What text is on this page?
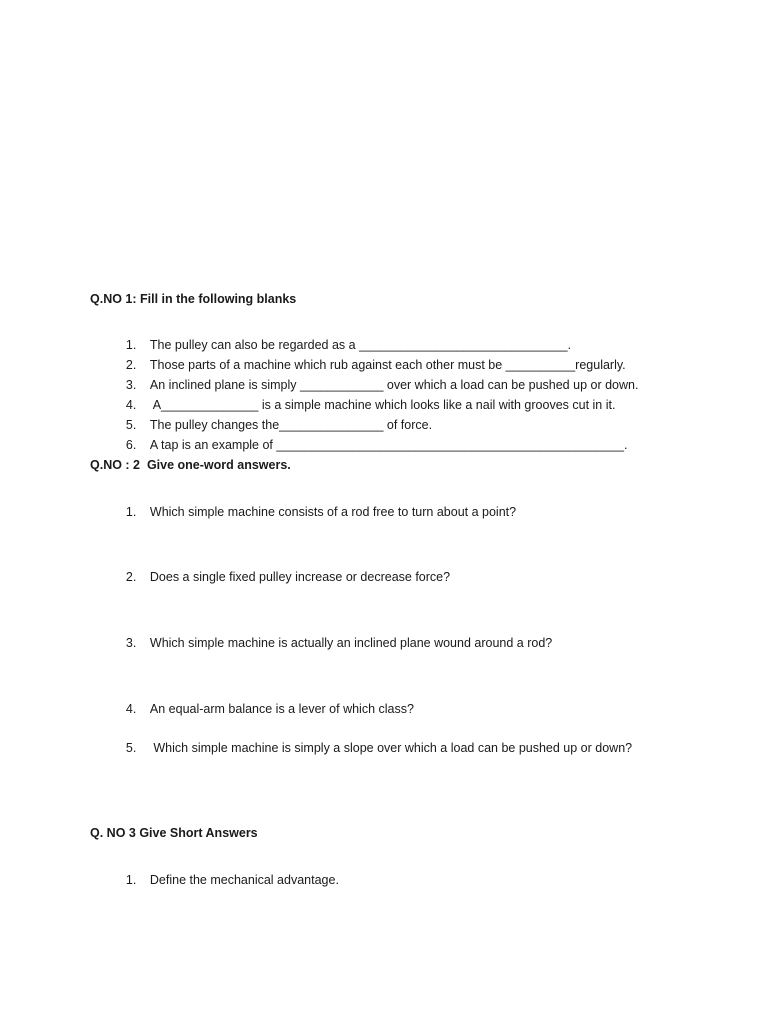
Q.NO 1: Fill in the following blanks

1. The pulley can also be regarded as a ______________________________.

2. Those parts of a machine which rub against each other must be __________regularly.

3. An inclined plane is simply ____________ over which a load can be pushed up or down.

4. A______________ is a simple machine which looks like a nail with grooves cut in it.

5. The pulley changes the_______________ of force.

6. A tap is an example of __________________________________________________.

Q.NO : 2  Give one-word answers.

1. Which simple machine consists of a rod free to turn about a point?

2. Does a single fixed pulley increase or decrease force?

3. Which simple machine is actually an inclined plane wound around a rod?

4. An equal-arm balance is a lever of which class?

5. Which simple machine is simply a slope over which a load can be pushed up or down?

Q. NO 3 Give Short Answers

1. Define the mechanical advantage.
